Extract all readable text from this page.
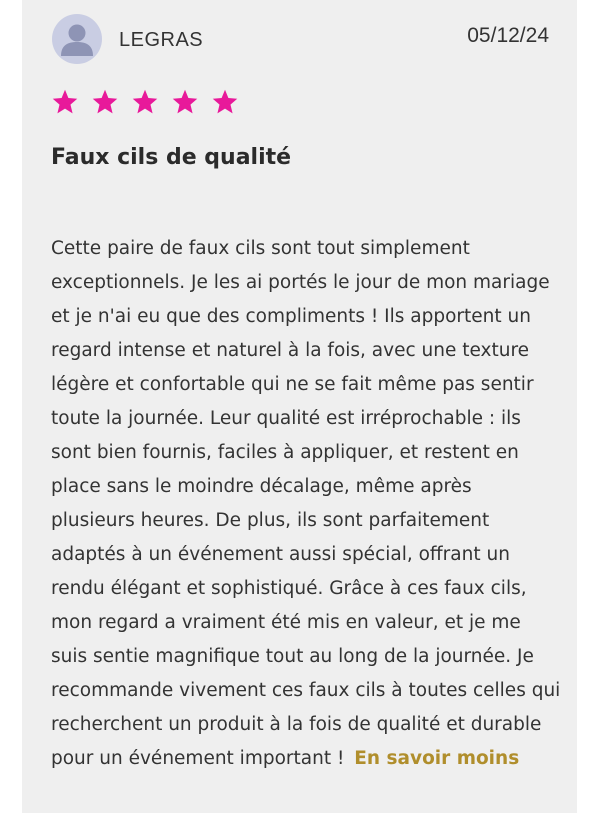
LEGRAS	05/12/24
Faux cils de qualité
Cette paire de faux cils sont tout simplement exceptionnels. Je les ai portés le jour de mon mariage et je n'ai eu que des compliments ! Ils apportent un regard intense et naturel à la fois, avec une texture légère et confortable qui ne se fait même pas sentir toute la journée. Leur qualité est irréprochable : ils sont bien fournis, faciles à appliquer, et restent en place sans le moindre décalage, même après plusieurs heures. De plus, ils sont parfaitement adaptés à un événement aussi spécial, offrant un rendu élégant et sophistiqué. Grâce à ces faux cils, mon regard a vraiment été mis en valeur, et je me suis sentie magnifique tout au long de la journée. Je recommande vivement ces faux cils à toutes celles qui recherchent un produit à la fois de qualité et durable pour un événement important ! En savoir moins
